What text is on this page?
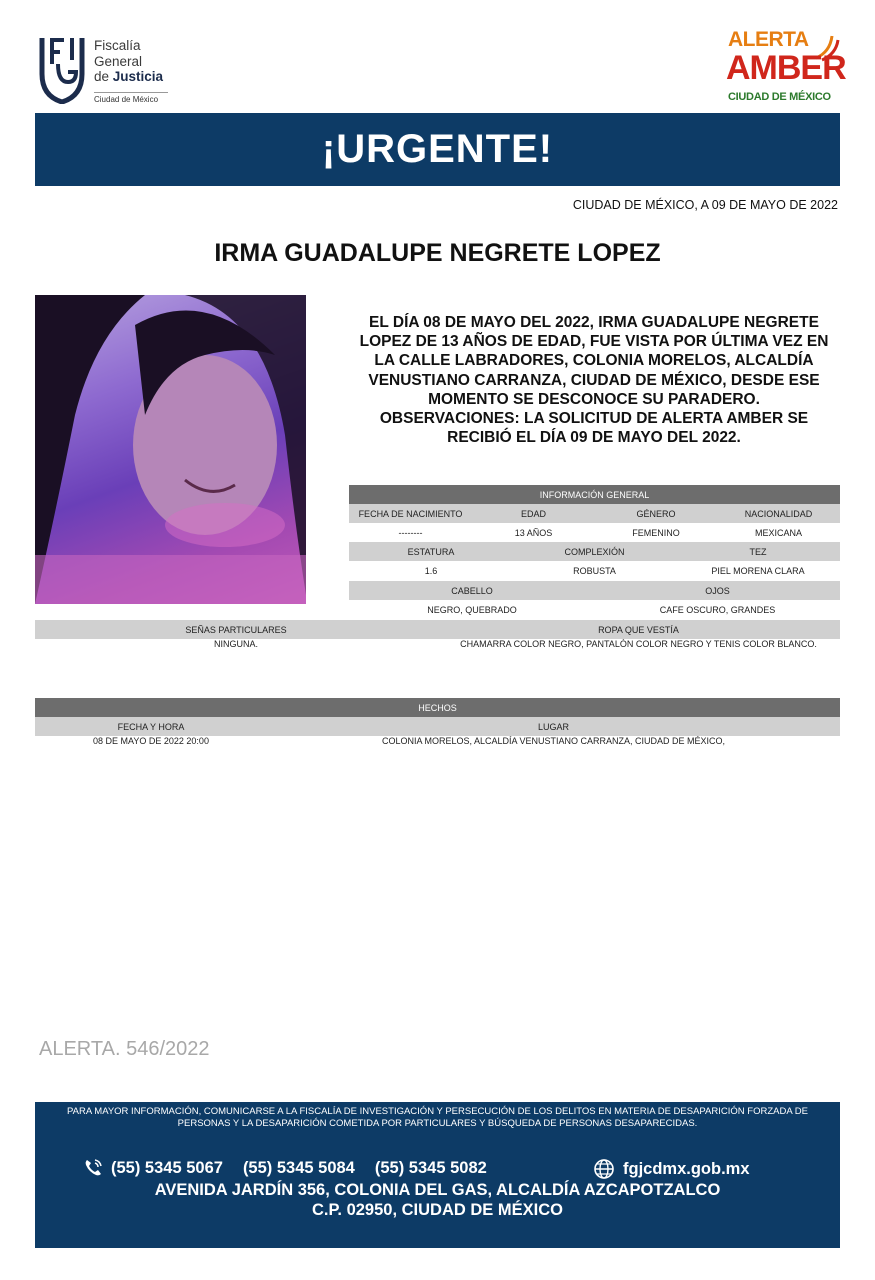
Fiscalía
General
de Justicia
Ciudad de México
ALERTA
AMBER
CIUDAD DE MÉXICO
¡URGENTE!
CIUDAD DE MÉXICO, A 09 DE MAYO DE 2022
IRMA GUADALUPE NEGRETE LOPEZ
EL DÍA 08 DE MAYO DEL 2022, IRMA GUADALUPE NEGRETE LOPEZ DE 13 AÑOS DE EDAD, FUE VISTA POR ÚLTIMA VEZ EN LA CALLE LABRADORES, COLONIA MORELOS, ALCALDÍA VENUSTIANO CARRANZA, CIUDAD DE MÉXICO, DESDE ESE MOMENTO SE DESCONOCE SU PARADERO.
OBSERVACIONES: LA SOLICITUD DE ALERTA AMBER SE RECIBIÓ EL DÍA 09 DE MAYO DEL 2022.
INFORMACIÓN GENERAL			
FECHA DE NACIMIENTO	EDAD	GÉNERO	NACIONALIDAD
--------	13 AÑOS	FEMENINO	MEXICANA
ESTATURA	COMPLEXIÓN	TEZ
1.6	ROBUSTA	PIEL MORENA CLARA
CABELLO	OJOS
NEGRO, QUEBRADO	CAFE OSCURO, GRANDES
SEÑAS PARTICULARES	ROPA QUE VESTÍA
NINGUNA.	CHAMARRA COLOR NEGRO, PANTALÓN COLOR NEGRO Y TENIS COLOR BLANCO.
HECHOS	
FECHA Y HORA	LUGAR
08 DE MAYO DE 2022 20:00	COLONIA MORELOS, ALCALDÍA VENUSTIANO CARRANZA, CIUDAD DE MÉXICO,
ALERTA. 546/2022
PARA MAYOR INFORMACIÓN, COMUNICARSE A LA FISCALÍA DE INVESTIGACIÓN Y PERSECUCIÓN DE LOS DELITOS EN MATERIA DE DESAPARICIÓN FORZADA DE PERSONAS Y LA DESAPARICIÓN COMETIDA POR PARTICULARES Y BÚSQUEDA DE PERSONAS DESAPARECIDAS.
(55) 5345 5067 (55) 5345 5084 (55) 5345 5082	fgjcdmx.gob.mx
AVENIDA JARDÍN 356, COLONIA DEL GAS, ALCALDÍA AZCAPOTZALCO
C.P. 02950, CIUDAD DE MÉXICO
